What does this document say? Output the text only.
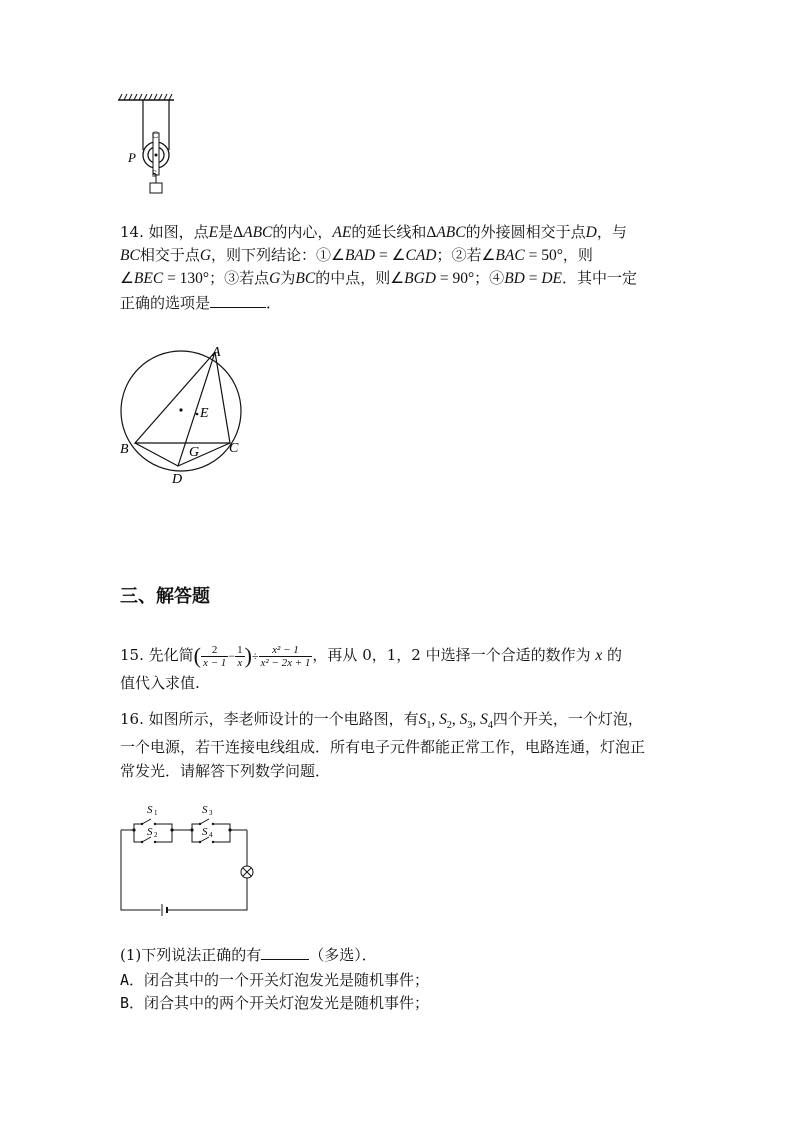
C
S
P
14. 如图，点E是ΔABC的内心，AE的延长线和ΔABC的外接圆相交于点D，与
BC相交于点G，则下列结论：①∠BAD = ∠CAD；②若∠BAC = 50°，则
∠BEC = 130°；③若点G为BC的中点，则∠BGD = 90°；④BD = DE．其中一定
正确的选项是	．
A
E
B	G C
D
三、解答题
15. 先化简( $\frac{2}{x - 1} - \frac{1}{x}$ )÷ $\frac{\text{x² − 1}}{\text{x² − 2x + 1}}$ ，再从 0，1，2 中选择一个合适的数作为 x 的
值代入求值.
16. 如图所示，李老师设计的一个电路图，有$S_1$, $S_2$, $S_3$, $S_4$四个开关，一个灯泡，
一个电源，若干连接电线组成．所有电子元件都能正常工作，电路连通，灯泡正
常发光．请解答下列数学问题．
S 1
S 2
S 3
S 4
(1)下列说法正确的有	（多选）．
A．闭合其中的一个开关灯泡发光是随机事件；
B．闭合其中的两个开关灯泡发光是随机事件；
